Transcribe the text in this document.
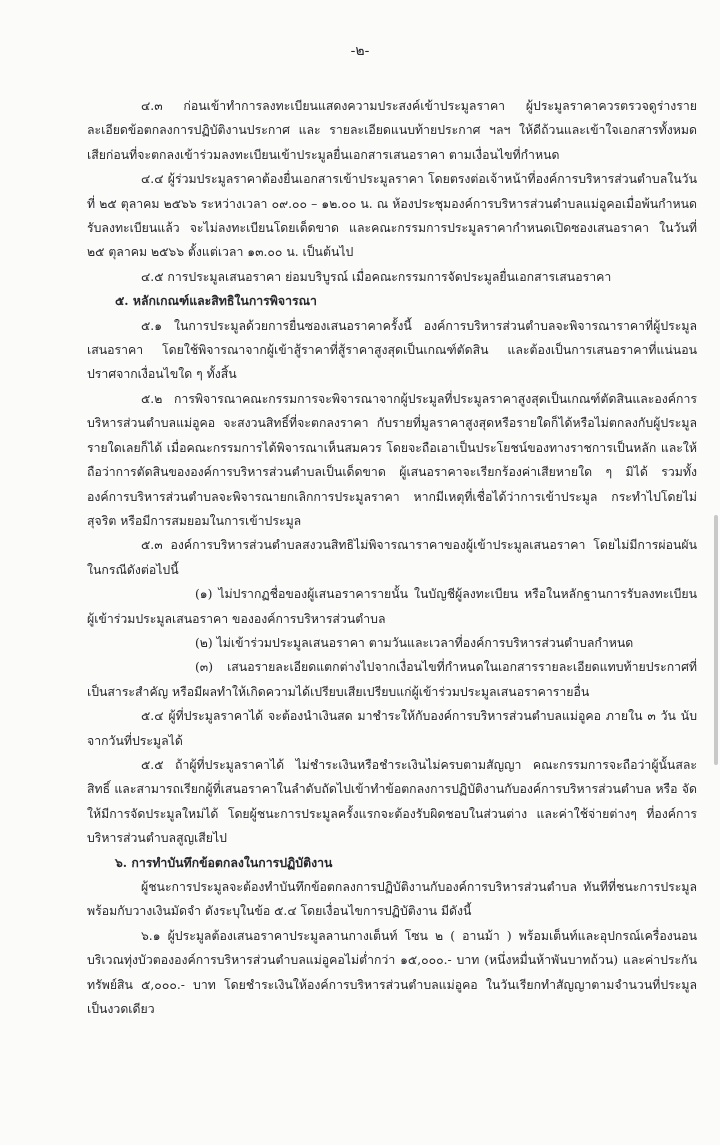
-๒-

๔.๓ ก่อนเข้าทำการลงทะเบียนแสดงความประสงค์เข้าประมูลราคา ผู้ประมูลราคาควรตรวจดูร่างรายละเอียดข้อตกลงการปฏิบัติงานประกาศ และ รายละเอียดแนบท้ายประกาศ ฯลฯ ให้ดีถ้วนและเข้าใจเอกสารทั้งหมดเสียก่อนที่จะตกลงเข้าร่วมลงทะเบียนเข้าประมูลยื่นเอกสารเสนอราคา ตามเงื่อนไขที่กำหนด

๔.๔ ผู้ร่วมประมูลราคาต้องยื่นเอกสารเข้าประมูลราคา โดยตรงต่อเจ้าหน้าที่องค์การบริหารส่วนตำบลในวันที่ ๒๕ ตุลาคม ๒๕๖๖ ระหว่างเวลา ๐๙.๐๐ – ๑๒.๐๐ น. ณ ห้องประชุมองค์การบริหารส่วนตำบลแม่อูคอเมื่อพ้นกำหนดรับลงทะเบียนแล้ว จะไม่ลงทะเบียนโดยเด็ดขาด และคณะกรรมการประมูลราคากำหนดเปิดซองเสนอราคา ในวันที่ ๒๕ ตุลาคม ๒๕๖๖ ตั้งแต่เวลา ๑๓.๐๐ น. เป็นต้นไป

๔.๕ การประมูลเสนอราคา ย่อมบริบูรณ์ เมื่อคณะกรรมการจัดประมูลยื่นเอกสารเสนอราคา

๕. หลักเกณฑ์และสิทธิในการพิจารณา

๕.๑ ในการประมูลด้วยการยื่นซองเสนอราคาครั้งนี้ องค์การบริหารส่วนตำบลจะพิจารณาราคาที่ผู้ประมูลเสนอราคา โดยใช้พิจารณาจากผู้เข้าสู้ราคาที่สู้ราคาสูงสุดเป็นเกณฑ์ตัดสิน และต้องเป็นการเสนอราคาที่แน่นอน ปราศจากเงื่อนไขใด ๆ ทั้งสิ้น

๕.๒ การพิจารณาคณะกรรมการจะพิจารณาจากผู้ประมูลที่ประมูลราคาสูงสุดเป็นเกณฑ์ตัดสินและองค์การบริหารส่วนตำบลแม่อูคอ จะสงวนสิทธิ์ที่จะตกลงราคา กับรายที่มูลราคาสูงสุดหรือรายใดก็ได้หรือไม่ตกลงกับผู้ประมูลรายใดเลยก็ได้ เมื่อคณะกรรมการได้พิจารณาเห็นสมควร โดยจะถือเอาเป็นประโยชน์ของทางราชการเป็นหลัก และให้ถือว่าการตัดสินขององค์การบริหารส่วนตำบลเป็นเด็ดขาด ผู้เสนอราคาจะเรียกร้องค่าเสียหายใด ๆ มิได้ รวมทั้งองค์การบริหารส่วนตำบลจะพิจารณายกเลิกการประมูลราคา หากมีเหตุที่เชื่อได้ว่าการเข้าประมูล กระทำไปโดยไม่สุจริต หรือมีการสมยอมในการเข้าประมูล

๕.๓ องค์การบริหารส่วนตำบลสงวนสิทธิไม่พิจารณาราคาของผู้เข้าประมูลเสนอราคา โดยไม่มีการผ่อนผัน ในกรณีดังต่อไปนี้

(๑) ไม่ปรากฏชื่อของผู้เสนอราคารายนั้น ในบัญชีผู้ลงทะเบียน หรือในหลักฐานการรับลงทะเบียนผู้เข้าร่วมประมูลเสนอราคา ขององค์การบริหารส่วนตำบล

(๒) ไม่เข้าร่วมประมูลเสนอราคา ตามวันและเวลาที่องค์การบริหารส่วนตำบลกำหนด

(๓) เสนอรายละเอียดแตกต่างไปจากเงื่อนไขที่กำหนดในเอกสารรายละเอียดแทบท้ายประกาศที่เป็นสาระสำคัญ หรือมีผลทำให้เกิดความได้เปรียบเสียเปรียบแก่ผู้เข้าร่วมประมูลเสนอราคารายอื่น

๕.๔ ผู้ที่ประมูลราคาได้ จะต้องนำเงินสด มาชำระให้กับองค์การบริหารส่วนตำบลแม่อูคอ ภายใน ๓ วัน นับจากวันที่ประมูลได้

๕.๕ ถ้าผู้ที่ประมูลราคาได้ ไม่ชำระเงินหรือชำระเงินไม่ครบตามสัญญา คณะกรรมการจะถือว่าผู้นั้นสละสิทธิ์ และสามารถเรียกผู้ที่เสนอราคาในลำดับถัดไปเข้าทำข้อตกลงการปฏิบัติงานกับองค์การบริหารส่วนตำบล หรือ จัดให้มีการจัดประมูลใหม่ได้ โดยผู้ชนะการประมูลครั้งแรกจะต้องรับผิดชอบในส่วนต่าง และค่าใช้จ่ายต่างๆ ที่องค์การบริหารส่วนตำบลสูญเสียไป

๖. การทำบันทึกข้อตกลงในการปฏิบัติงาน

ผู้ชนะการประมูลจะต้องทำบันทึกข้อตกลงการปฏิบัติงานกับองค์การบริหารส่วนตำบล ทันทีที่ชนะการประมูล พร้อมกับวางเงินมัดจำ ดังระบุในข้อ ๕.๔ โดยเงื่อนไขการปฏิบัติงาน มีดังนี้

๖.๑ ผู้ประมูลต้องเสนอราคาประมูลลานกางเต็นท์ โซน ๒ ( อานม้า ) พร้อมเต็นท์และอุปกรณ์เครื่องนอน บริเวณทุ่งบัวตององค์การบริหารส่วนตำบลแม่อูคอไม่ต่ำกว่า ๑๕,๐๐๐.- บาท (หนึ่งหมื่นห้าพันบาทถ้วน) และค่าประกันทรัพย์สิน ๕,๐๐๐.- บาท โดยชำระเงินให้องค์การบริหารส่วนตำบลแม่อูคอ ในวันเรียกทำสัญญาตามจำนวนที่ประมูลเป็นงวดเดียว
